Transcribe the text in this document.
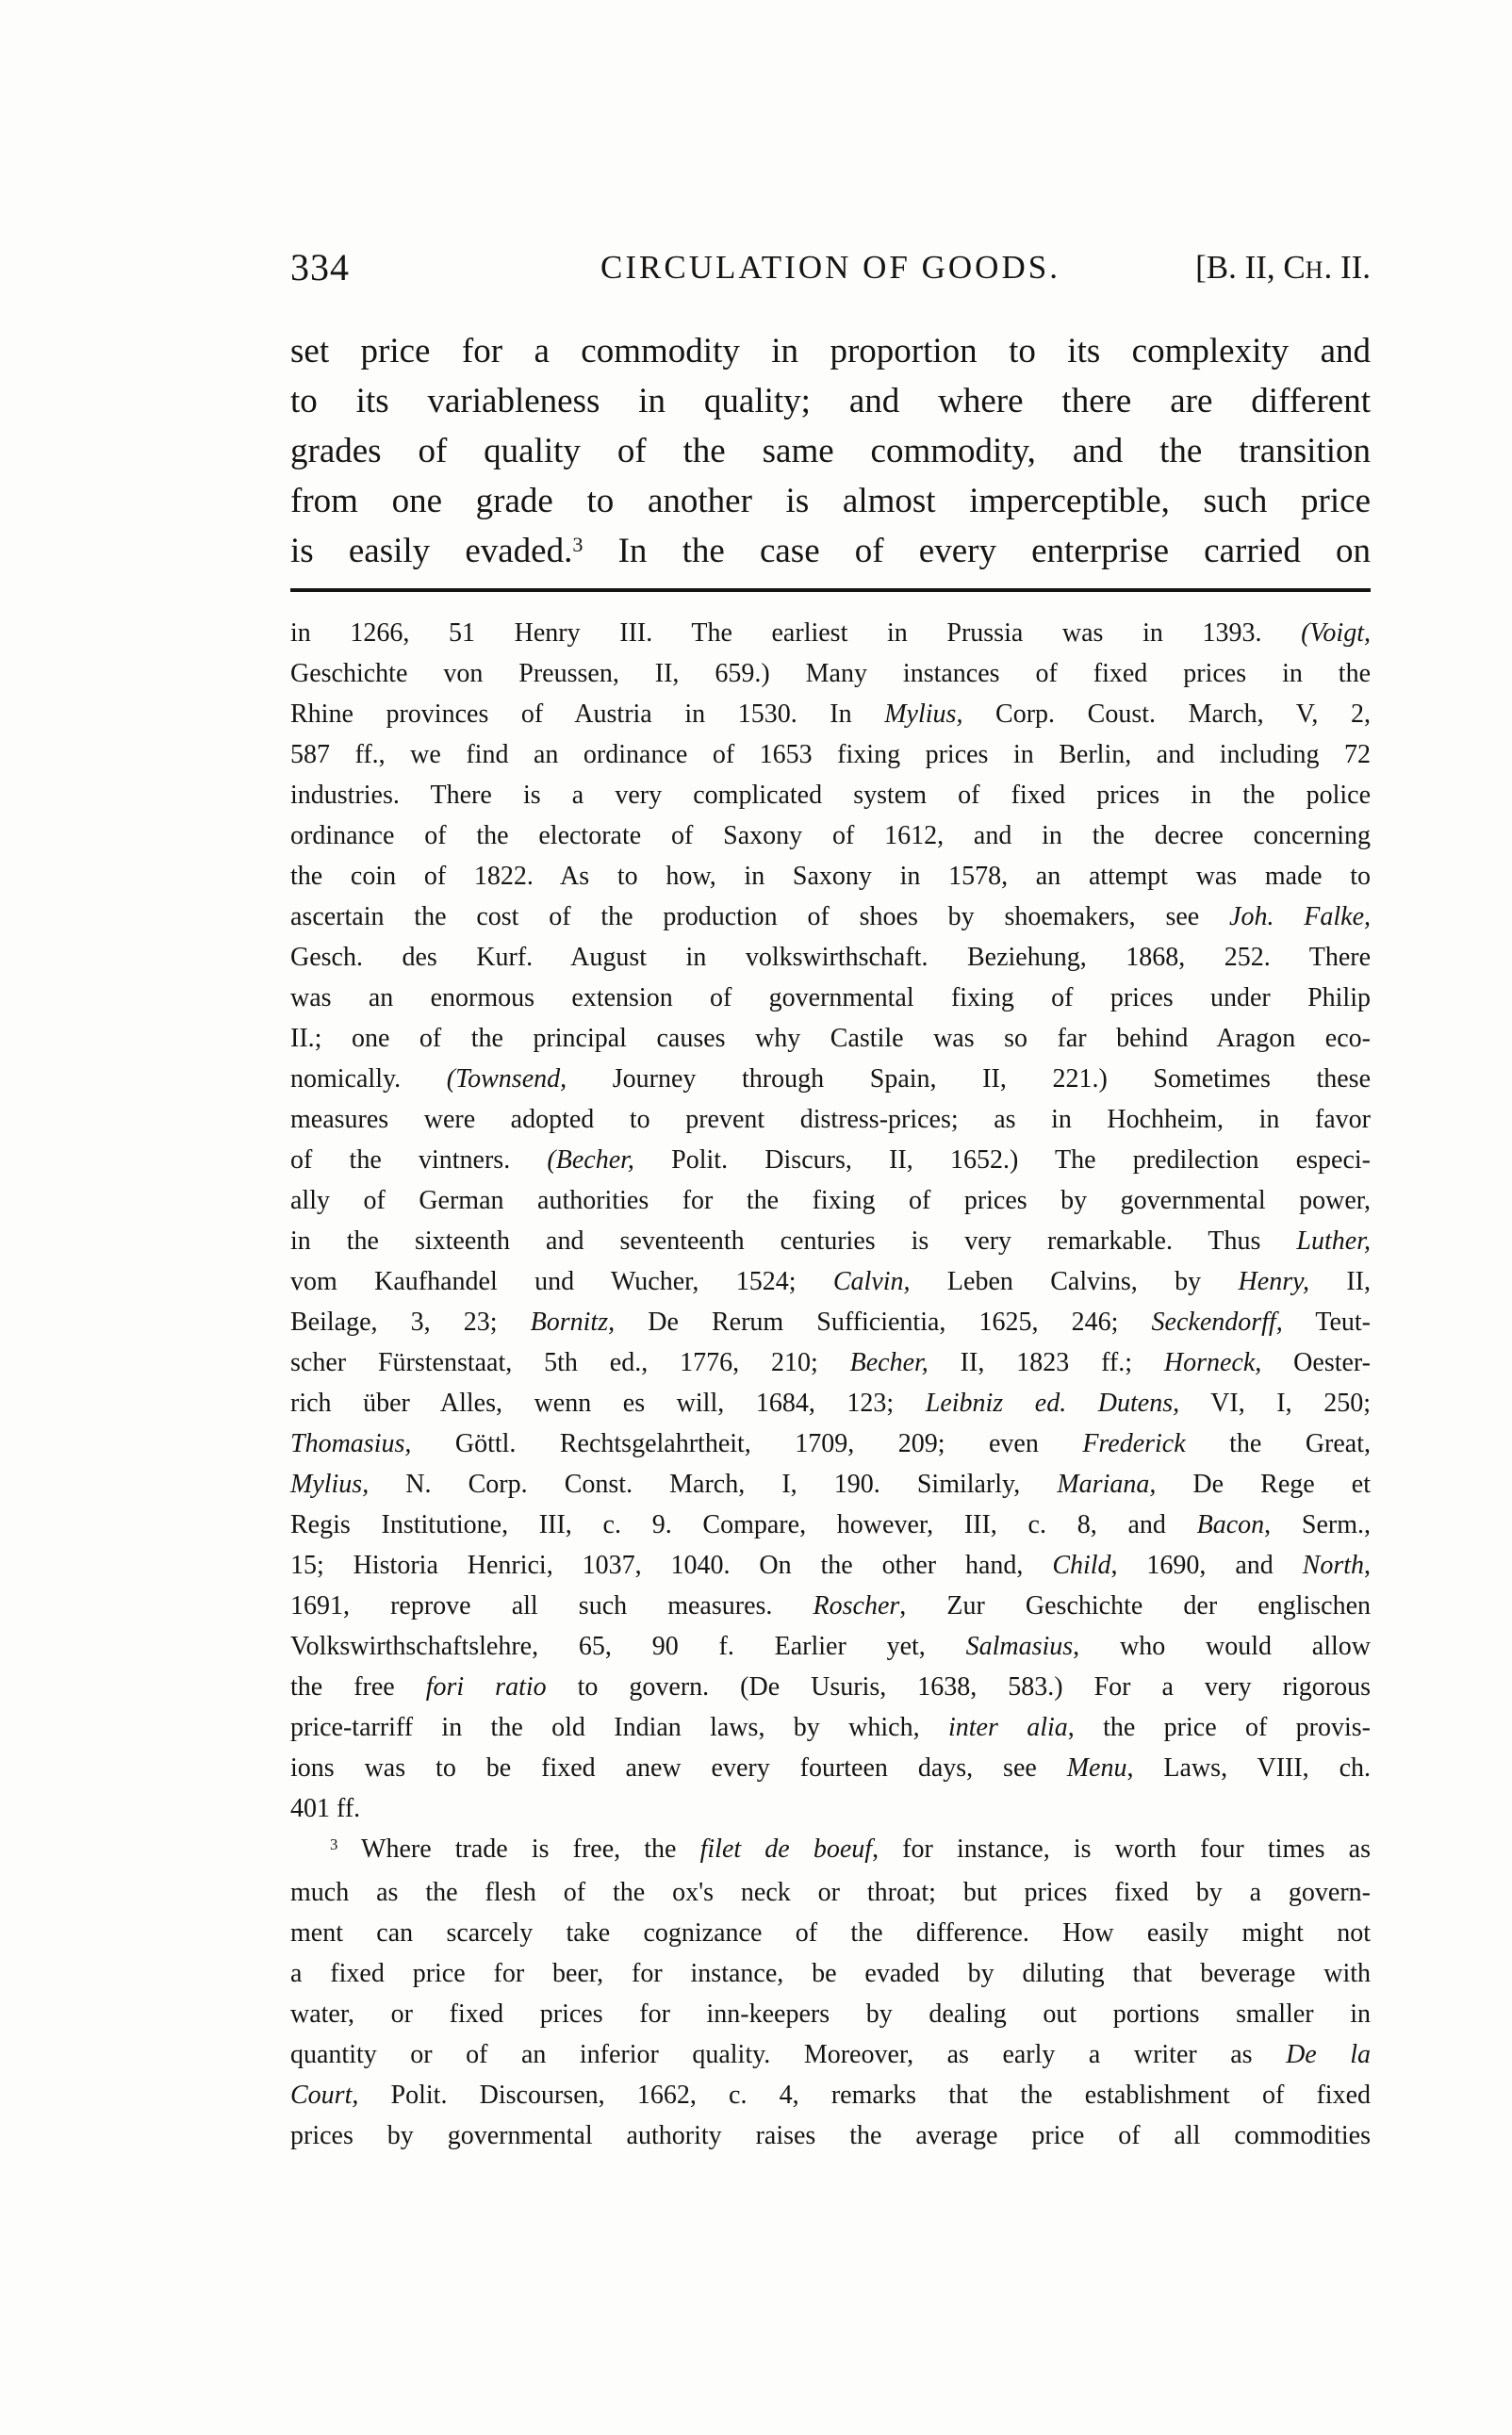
334	CIRCULATION OF GOODS.	[B. II, CH. II.
set price for a commodity in proportion to its complexity and
to its variableness in quality; and where there are different
grades of quality of the same commodity, and the transition
from one grade to another is almost imperceptible, such price
is easily evaded.$^3$ In the case of every enterprise carried on
in 1266, 51 Henry III. The earliest in Prussia was in 1393. (Voigt,
Geschichte von Preussen, II, 659.) Many instances of fixed prices in the
Rhine provinces of Austria in 1530. In Mylius, Corp. Coust. March, V, 2,
587 ff., we find an ordinance of 1653 fixing prices in Berlin, and including 72
industries. There is a very complicated system of fixed prices in the police
ordinance of the electorate of Saxony of 1612, and in the decree concerning
the coin of 1822. As to how, in Saxony in 1578, an attempt was made to
ascertain the cost of the production of shoes by shoemakers, see Joh. Falke,
Gesch. des Kurf. August in volkswirthschaft. Beziehung, 1868, 252. There
was an enormous extension of governmental fixing of prices under Philip
II.; one of the principal causes why Castile was so far behind Aragon eco-
nomically. (Townsend, Journey through Spain, II, 221.) Sometimes these
measures were adopted to prevent distress-prices; as in Hochheim, in favor
of the vintners. (Becher, Polit. Discurs, II, 1652.) The predilection especi-
ally of German authorities for the fixing of prices by governmental power,
in the sixteenth and seventeenth centuries is very remarkable. Thus Luther,
vom Kaufhandel und Wucher, 1524; Calvin, Leben Calvins, by Henry, II,
Beilage, 3, 23; Bornitz, De Rerum Sufficientia, 1625, 246; Seckendorff, Teut-
scher Fürstenstaat, 5th ed., 1776, 210; Becher, II, 1823 ff.; Horneck, Oester-
rich über Alles, wenn es will, 1684, 123; Leibniz ed. Dutens, VI, I, 250;
Thomasius, Göttl. Rechtsgelahrtheit, 1709, 209; even Frederick the Great,
Mylius, N. Corp. Const. March, I, 190. Similarly, Mariana, De Rege et
Regis Institutione, III, c. 9. Compare, however, III, c. 8, and Bacon, Serm.,
15; Historia Henrici, 1037, 1040. On the other hand, Child, 1690, and North,
1691, reprove all such measures. Roscher, Zur Geschichte der englischen
Volkswirthschaftslehre, 65, 90 f. Earlier yet, Salmasius, who would allow
the free fori ratio to govern. (De Usuris, 1638, 583.) For a very rigorous
price-tarriff in the old Indian laws, by which, inter alia, the price of provis-
ions was to be fixed anew every fourteen days, see Menu, Laws, VIII, ch.
401 ff.
$^3$ Where trade is free, the filet de boeuf, for instance, is worth four times as
much as the flesh of the ox's neck or throat; but prices fixed by a govern-
ment can scarcely take cognizance of the difference. How easily might not
a fixed price for beer, for instance, be evaded by diluting that beverage with
water, or fixed prices for inn-keepers by dealing out portions smaller in
quantity or of an inferior quality. Moreover, as early a writer as De la
Court, Polit. Discoursen, 1662, c. 4, remarks that the establishment of fixed
prices by governmental authority raises the average price of all commodities
